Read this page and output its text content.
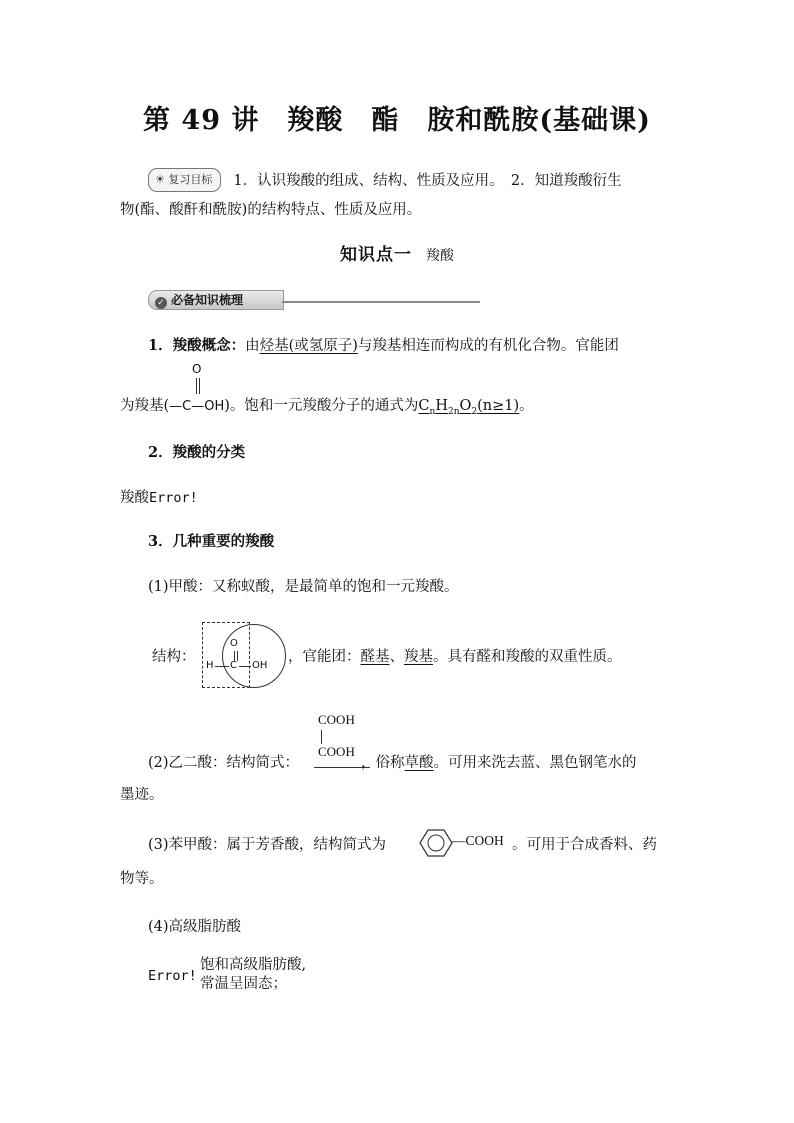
第 49 讲　羧酸　酯　胺和酰胺(基础课)
☀ 复习目标 1．认识羧酸的组成、结构、性质及应用。　2．知道羧酸衍生
物(酯、酸酐和酰胺)的结构特点、性质及应用。
知识点一 羧酸
✓ 必备知识梳理
1．羧酸概念：由烃基(或氢原子)与羧基相连而构成的有机化合物。官能团
O
为羧基(—C—OH)。饱和一元羧酸分子的通式为$C_nH_{2n}O_2(n\ge 1)$。
2．羧酸的分类
羧酸Error!
3．几种重要的羧酸
(1)甲酸：又称蚁酸，是最简单的饱和一元羧酸。
O
H C OH
结构：	，官能团：醛基、羧基。具有醛和羧酸的双重性质。
COOH
COOH
(2)乙二酸：结构简式：	，俗称草酸。可用来洗去蓝、黑色钢笔水的
墨迹。
(3)苯甲酸：属于芳香酸，结构简式为	—COOH 。可用于合成香料、药
物等。
(4)高级脂肪酸
Error!
饱和高级脂肪酸,
常温呈固态；
